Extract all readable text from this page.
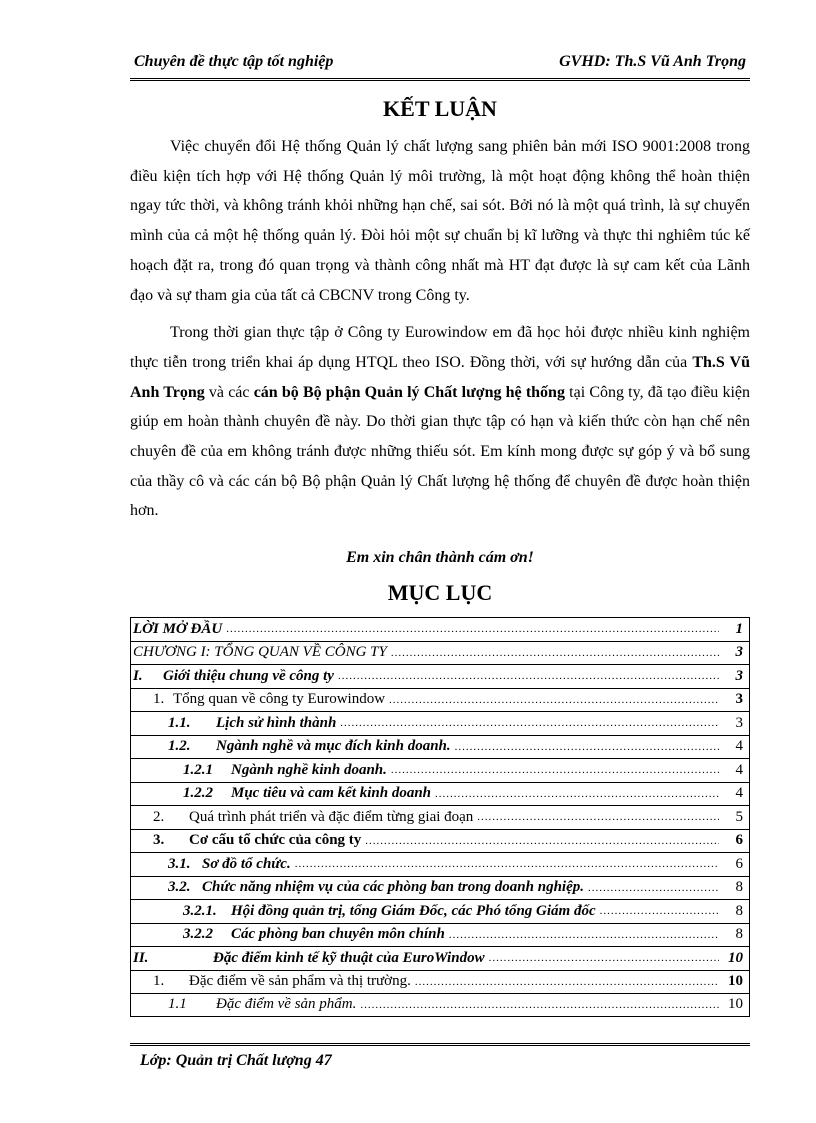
Chuyên đề thực tập tốt nghiệp	GVHD: Th.S Vũ Anh Trọng
KẾT LUẬN

Việc chuyển đổi Hệ thống Quản lý chất lượng sang phiên bản mới ISO 9001:2008 trong điều kiện tích hợp với Hệ thống Quản lý môi trường, là một hoạt động không thể hoàn thiện ngay tức thời, và không tránh khỏi những hạn chế, sai sót. Bởi nó là một quá trình, là sự chuyển mình của cả một hệ thống quản lý. Đòi hỏi một sự chuẩn bị kĩ lưỡng và thực thi nghiêm túc kế hoạch đặt ra, trong đó quan trọng và thành công nhất mà HT đạt được là sự cam kết của Lãnh đạo và sự tham gia của tất cả CBCNV trong Công ty.

Trong thời gian thực tập ở Công ty Eurowindow em đã học hỏi được nhiều kinh nghiệm thực tiễn trong triển khai áp dụng HTQL theo ISO. Đồng thời, với sự hướng dẫn của Th.S Vũ Anh Trọng và các cán bộ Bộ phận Quản lý Chất lượng hệ thống tại Công ty, đã tạo điều kiện giúp em hoàn thành chuyên đề này. Do thời gian thực tập có hạn và kiến thức còn hạn chế nên chuyên đề của em không tránh được những thiếu sót. Em kính mong được sự góp ý và bổ sung của thầy cô và các cán bộ Bộ phận Quản lý Chất lượng hệ thống để chuyên đề được hoàn thiện hơn.

Em xin chân thành cám ơn!
MỤC LỤC
LỜI MỞ ĐẦU .....	1
CHƯƠNG I: TỔNG QUAN VỀ CÔNG TY .....	3
I.	Giới thiệu chung về công ty .....	3
1. Tổng quan về công ty Eurowindow .....	3
1.1.	Lịch sử hình thành .....	3
1.2.	Ngành nghề và mục đích kinh doanh. .....	4
1.2.1	Ngành nghề kinh doanh. .....	4
1.2.2	Mục tiêu và cam kết kinh doanh .....	4
2.	Quá trình phát triển và đặc điểm từng giai đoạn .....	5
3.	Cơ cấu tổ chức của công ty .....	6
3.1. Sơ đồ tổ chức. .....	6
3.2. Chức năng nhiệm vụ của các phòng ban trong doanh nghiệp. .....	8
3.2.1. Hội đồng quản trị, tổng Giám Đốc, các Phó tổng Giám đốc .....	8
3.2.2	Các phòng ban chuyên môn chính .....	8
II.	Đặc điểm kinh tế kỹ thuật của EuroWindow .....	10
1.	Đặc điểm về sản phẩm và thị trường. .....	10
1.1	Đặc điểm về sản phẩm. .....	10
Lớp: Quản trị Chất lượng 47
